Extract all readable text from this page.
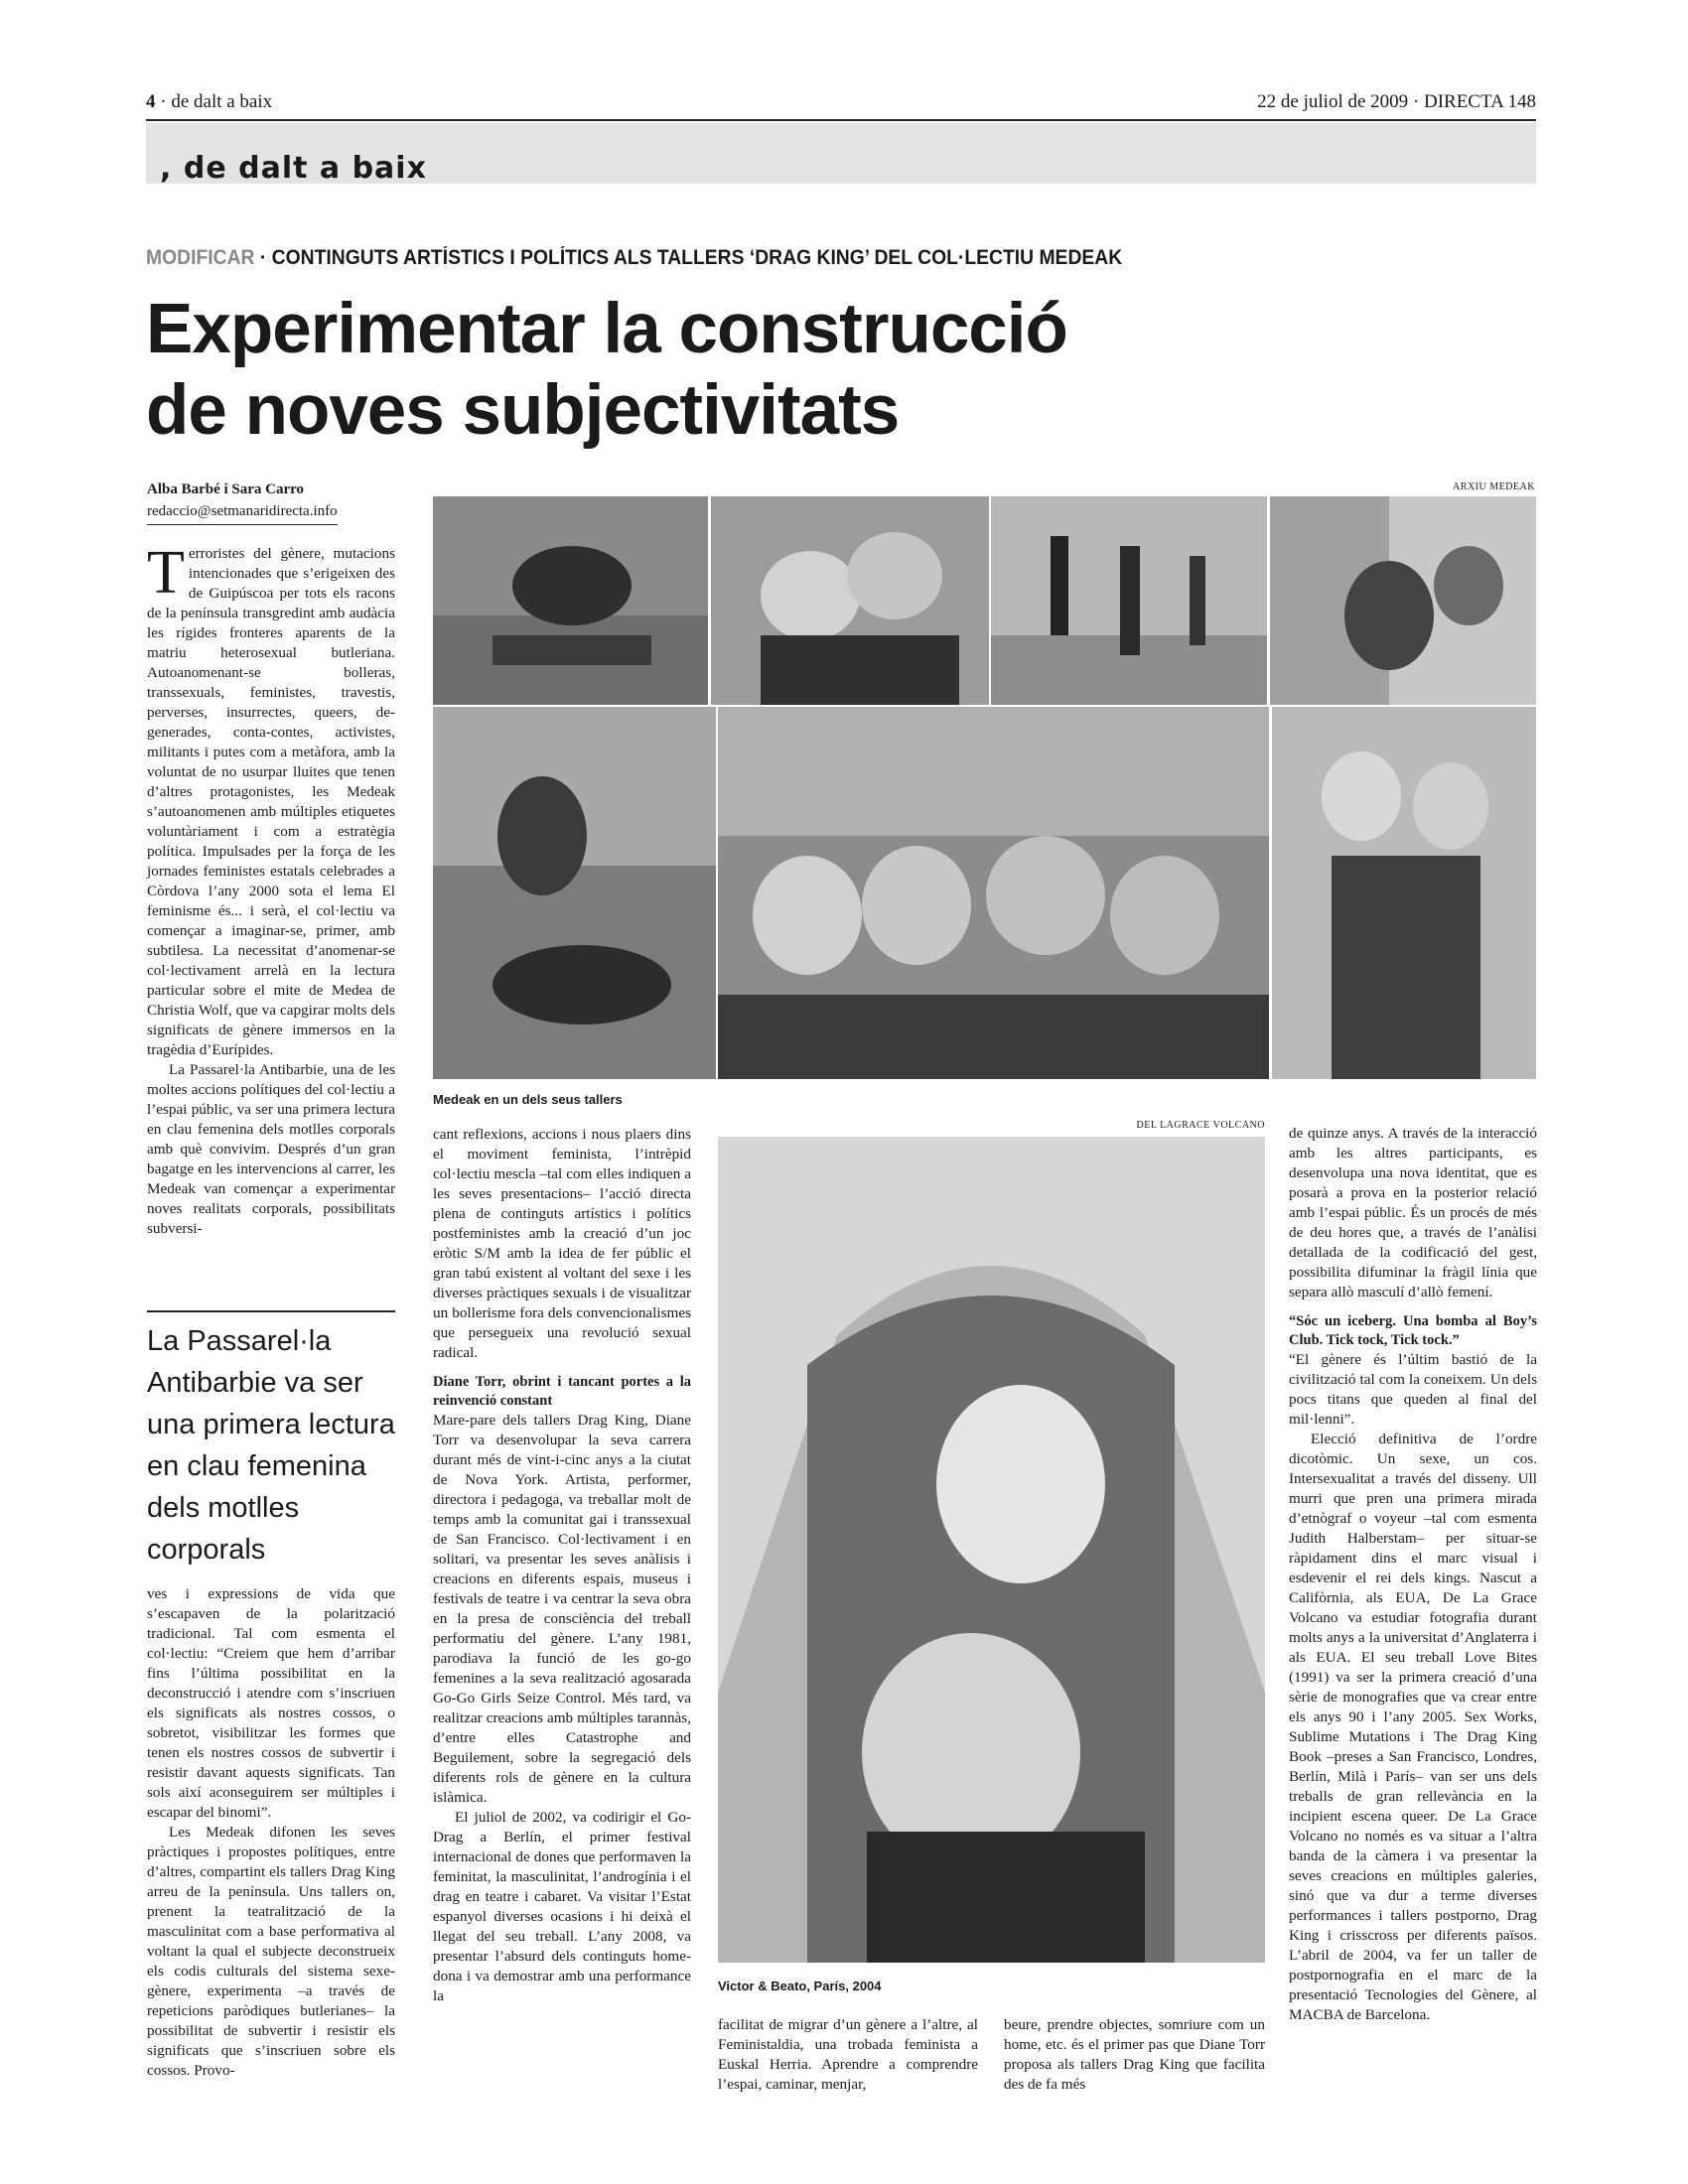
4 · de dalt a baix	22 de juliol de 2009 · DIRECTA 148
, de dalt a baix
MODIFICAR · CONTINGUTS ARTÍSTICS I POLÍTICS ALS TALLERS ‘DRAG KING’ DEL COL·LECTIU MEDEAK
Experimentar la construcció
de noves subjectivitats
Alba Barbé i Sara Carro
redaccio@setmanaridirecta.info

Terroristes del gènere, mutacions intencionades que s’erigeixen des de Guipúscoa per tots els racons de la península transgredint amb audàcia les rígides fronteres aparents de la matriu heterosexual butleriana. Autoanomenant-se bolleras, transsexuals, feministes, travestis, perverses, insurrectes, queers, de-generades, conta-contes, activistes, militants i putes com a metàfora, amb la voluntat de no usurpar lluites que tenen d’altres protagonistes, les Medeak s’autoanomenen amb múltiples etiquetes voluntàriament i com a estratègia política. Impulsades per la força de les jornades feministes estatals celebrades a Còrdova l’any 2000 sota el lema El feminisme és... i serà, el col·lectiu va començar a imaginar-se, primer, amb subtilesa. La necessitat d’anomenar-se col·lectivament arrelà en la lectura particular sobre el mite de Medea de Christia Wolf, que va capgirar molts dels significats de gènere immersos en la tragèdia d’Eurípides.

La Passarel·la Antibarbie, una de les moltes accions polítiques del col·lectiu a l’espai públic, va ser una primera lectura en clau femenina dels motlles corporals amb què convivim. Després d’un gran bagatge en les intervencions al carrer, les Medeak van començar a experimentar noves realitats corporals, possibilitats subversi-

La Passarel·la Antibarbie va ser una primera lectura en clau femenina dels motlles corporals

ves i expressions de vida que s’escapaven de la polarització tradicional. Tal com esmenta el col·lectiu: “Creiem que hem d’arribar fins l’última possibilitat en la deconstrucció i atendre com s’inscriuen els significats als nostres cossos, o sobretot, visibilitzar les formes que tenen els nostres cossos de subvertir i resistir davant aquests significats. Tan sols així aconseguirem ser múltiples i escapar del binomi”.

Les Medeak difonen les seves pràctiques i propostes polítiques, entre d’altres, compartint els tallers Drag King arreu de la península. Uns tallers on, prenent la teatralització de la masculinitat com a base performativa al voltant la qual el subjecte deconstrueix els codis culturals del sistema sexe-gènere, experimenta –a través de repeticions paròdiques butlerianes– la possibilitat de subvertir i resistir els significats que s’inscriuen sobre els cossos. Provo-

ARXIU MEDEAK
Medeak en un dels seus tallers

cant reflexions, accions i nous plaers dins el moviment feminista, l’intrèpid col·lectiu mescla –tal com elles indiquen a les seves presentacions– l’acció directa plena de continguts artístics i polítics postfeministes amb la creació d’un joc eròtic S/M amb la idea de fer públic el gran tabú existent al voltant del sexe i les diverses pràctiques sexuals i de visualitzar un bollerisme fora dels convencionalismes que persegueix una revolució sexual radical.

Diane Torr, obrint i tancant portes a la reinvenció constant

Mare-pare dels tallers Drag King, Diane Torr va desenvolupar la seva carrera durant més de vint-i-cinc anys a la ciutat de Nova York. Artista, performer, directora i pedagoga, va treballar molt de temps amb la comunitat gai i transsexual de San Francisco. Col·lectivament i en solitari, va presentar les seves anàlisis i creacions en diferents espais, museus i festivals de teatre i va centrar la seva obra en la presa de consciència del treball performatiu del gènere. L’any 1981, parodiava la funció de les go-go femenines a la seva realització agosarada Go-Go Girls Seize Control. Més tard, va realitzar creacions amb múltiples tarannàs, d’entre elles Catastrophe and Beguilement, sobre la segregació dels diferents rols de gènere en la cultura islàmica.

El juliol de 2002, va codirigir el Go-Drag a Berlín, el primer festival internacional de dones que performaven la feminitat, la masculinitat, l’androgínia i el drag en teatre i cabaret. Va visitar l’Estat espanyol diverses ocasions i hi deixà el llegat del seu treball. L’any 2008, va presentar l’absurd dels continguts home-dona i va demostrar amb una performance la

DEL LAGRACE VOLCANO
Victor & Beato, París, 2004

facilitat de migrar d’un gènere a l’altre, al Feministaldia, una trobada feminista a Euskal Herria. Aprendre a comprendre l’espai, caminar, menjar,

beure, prendre objectes, somriure com un home, etc. és el primer pas que Diane Torr proposa als tallers Drag King que facilita des de fa més

de quinze anys. A través de la interacció amb les altres participants, es desenvolupa una nova identitat, que es posarà a prova en la posterior relació amb l’espai públic. És un procés de més de deu hores que, a través de l’anàlisi detallada de la codificació del gest, possibilita difuminar la fràgil línia que separa allò masculí d’allò femení.

“Sóc un iceberg. Una bomba al Boy’s Club. Tick tock, Tick tock.”

“El gènere és l’últim bastió de la civilització tal com la coneixem. Un dels pocs titans que queden al final del mil·lenni”.

Elecció definitiva de l’ordre dicotòmic. Un sexe, un cos. Intersexualitat a través del disseny. Ull murri que pren una primera mirada d’etnògraf o voyeur –tal com esmenta Judith Halberstam– per situar-se ràpidament dins el marc visual i esdevenir el rei dels kings. Nascut a Califòrnia, als EUA, De La Grace Volcano va estudiar fotografia durant molts anys a la universitat d’Anglaterra i als EUA. El seu treball Love Bites (1991) va ser la primera creació d’una sèrie de monografies que va crear entre els anys 90 i l’any 2005. Sex Works, Sublime Mutations i The Drag King Book –preses a San Francisco, Londres, Berlín, Milà i París– van ser uns dels treballs de gran rellevància en la incipient escena queer. De La Grace Volcano no només es va situar a l’altra banda de la càmera i va presentar la seves creacions en múltiples galeries, sinó que va dur a terme diverses performances i tallers postporno, Drag King i crisscross per diferents països. L’abril de 2004, va fer un taller de postpornografia en el marc de la presentació Tecnologies del Gènere, al MACBA de Barcelona.
